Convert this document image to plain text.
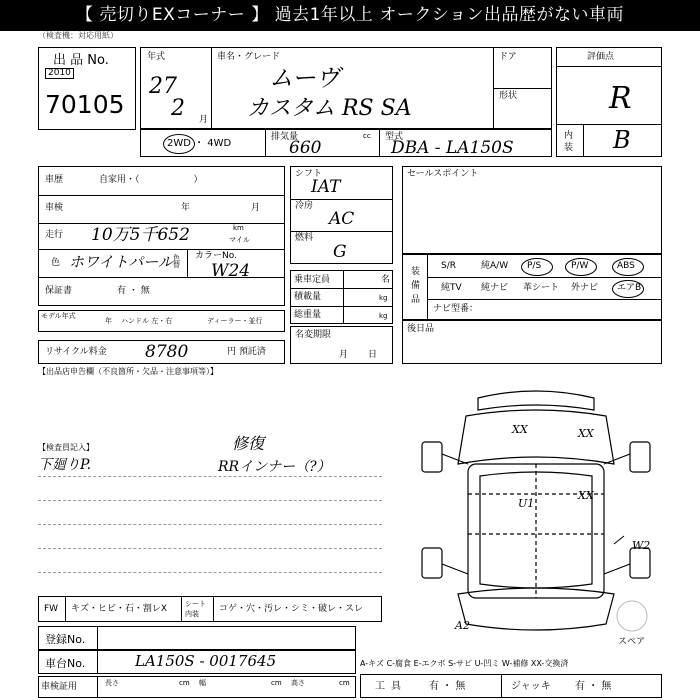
【 売切りEXコーナー 】 過去1年以上 オークション出品歴がない車両
（検査機：対応用紙）
出 品 No.
2010
70105
年式
27
2 月
車名・グレード
ムーヴ
カスタム RS SA
ドア
形状
評価点
R
内
装 B
2WD ・ 4WD
排気量
660
cc 型式
DBA - LA150S
車歴	自家用・（　　　　　　）
車検	年	月
走行 10万5千652	km
マイル
色 ホワイトパール 色替
カラーNo.
W24
保証書	有 ・ 無
モデル年式
年 ハンドル 左・右	ディーラー・並行
シフト
IAT
冷房
AC
燃料
G
乗車定員	名
積載量	kg
総重量	kg
名変期限
月日
リサイクル料金 8780	円 預託済
セールスポイント
装備品
S/R	純A/W P/S	P/W	ABS
純TV 純ナビ 革シート 外ナビ エアB
ナビ型番：
後日品
【出品店申告欄（不良箇所・欠品・注意事項等）】
【検査員記入】
下廻りP.
修復
RRインナー（?）
FW キズ・ヒビ・石・割レX	シート内装	コゲ・穴・汚レ・シミ・破レ・スレ
登録No.
車台No.	LA150S - 0017645
車検証用	長さ	cm 幅	cm 高さ	cm
XX	XX
XX
W2
A2
U1
スペア
A-キズ C-腐食 E-エクボ S-サビ U-凹ミ W-補修 XX-交換済
工具 有 ・ 無	ジャッキ 有 ・ 無
